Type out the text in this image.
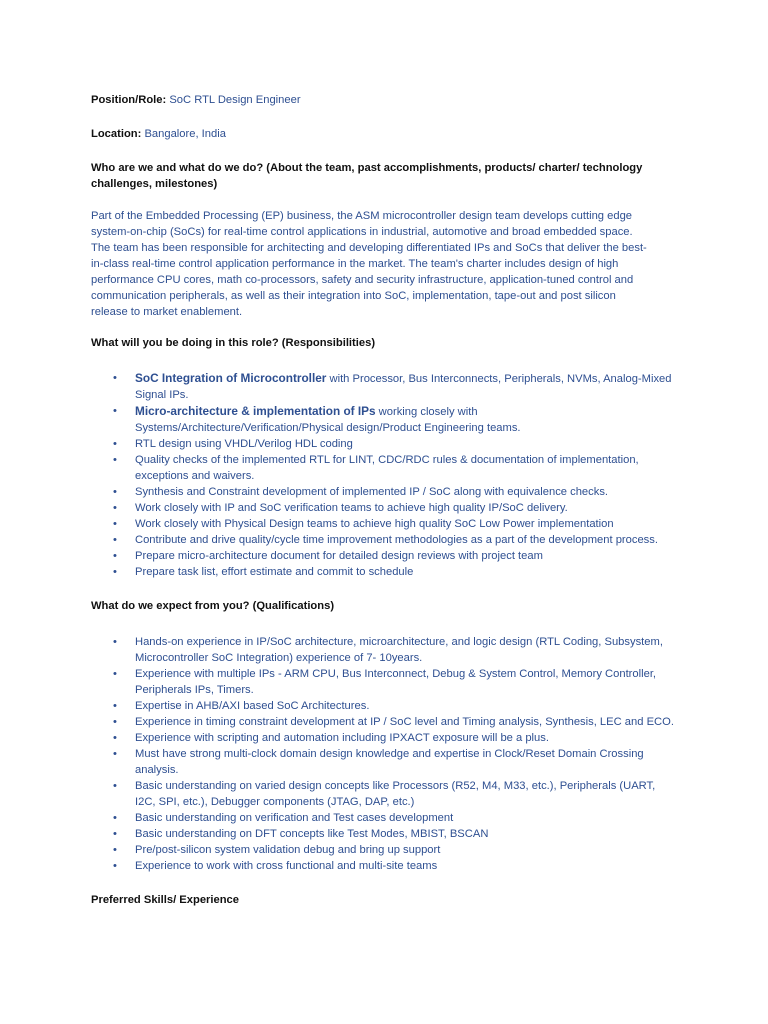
Position/Role: SoC RTL Design Engineer
Location: Bangalore, India
Who are we and what do we do? (About the team, past accomplishments, products/ charter/ technology challenges, milestones)

Part of the Embedded Processing (EP) business, the ASM microcontroller design team develops cutting edge system-on-chip (SoCs) for real-time control applications in industrial, automotive and broad embedded space. The team has been responsible for architecting and developing differentiated IPs and SoCs that deliver the best-in-class real-time control application performance in the market. The team's charter includes design of high performance CPU cores, math co-processors, safety and security infrastructure, application-tuned control and communication peripherals, as well as their integration into SoC, implementation, tape-out and post silicon release to market enablement.

What will you be doing in this role? (Responsibilities)
• SoC Integration of Microcontroller with Processor, Bus Interconnects, Peripherals, NVMs, Analog-Mixed Signal IPs.
• Micro-architecture & implementation of IPs working closely with Systems/Architecture/Verification/Physical design/Product Engineering teams.
• RTL design using VHDL/Verilog HDL coding
• Quality checks of the implemented RTL for LINT, CDC/RDC rules & documentation of implementation, exceptions and waivers.
• Synthesis and Constraint development of implemented IP / SoC along with equivalence checks.
• Work closely with IP and SoC verification teams to achieve high quality IP/SoC delivery.
• Work closely with Physical Design teams to achieve high quality SoC Low Power implementation
• Contribute and drive quality/cycle time improvement methodologies as a part of the development process.
• Prepare micro-architecture document for detailed design reviews with project team
• Prepare task list, effort estimate and commit to schedule
What do we expect from you? (Qualifications)
• Hands-on experience in IP/SoC architecture, microarchitecture, and logic design (RTL Coding, Subsystem, Microcontroller SoC Integration) experience of 7- 10years.
• Experience with multiple IPs - ARM CPU, Bus Interconnect, Debug & System Control, Memory Controller, Peripherals IPs, Timers.
• Expertise in AHB/AXI based SoC Architectures.
• Experience in timing constraint development at IP / SoC level and Timing analysis, Synthesis, LEC and ECO.
• Experience with scripting and automation including IPXACT exposure will be a plus.
• Must have strong multi-clock domain design knowledge and expertise in Clock/Reset Domain Crossing analysis.
• Basic understanding on varied design concepts like Processors (R52, M4, M33, etc.), Peripherals (UART, I2C, SPI, etc.), Debugger components (JTAG, DAP, etc.)
• Basic understanding on verification and Test cases development
• Basic understanding on DFT concepts like Test Modes, MBIST, BSCAN
• Pre/post-silicon system validation debug and bring up support
• Experience to work with cross functional and multi-site teams
Preferred Skills/ Experience
